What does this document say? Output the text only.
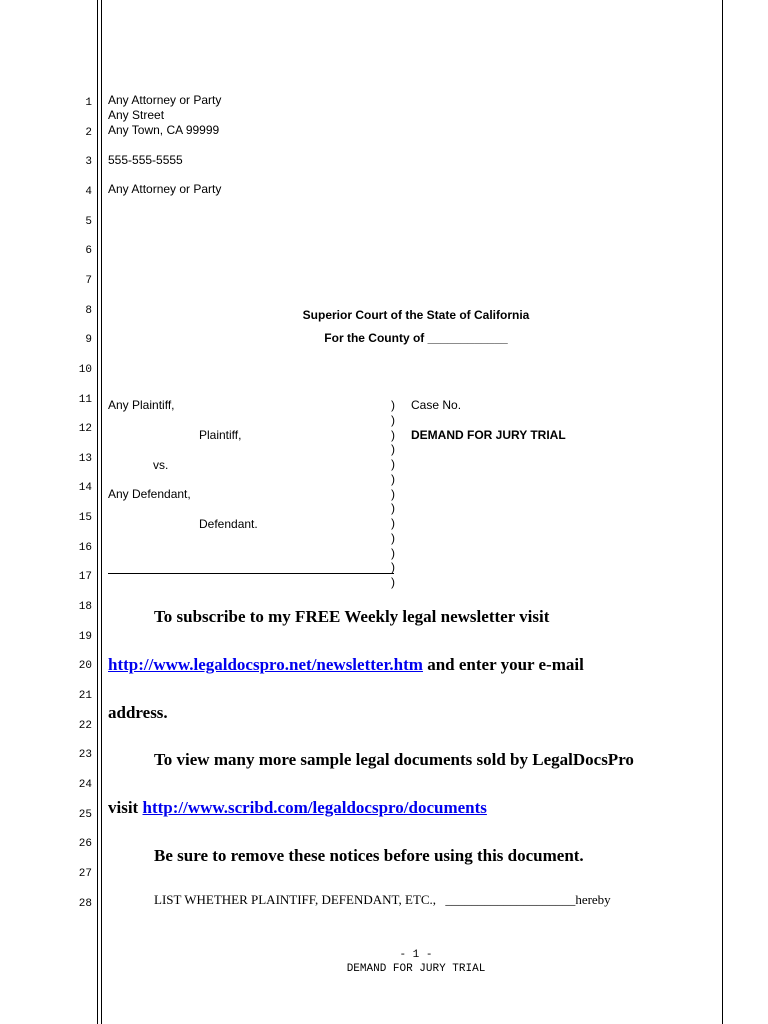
1
2
3
4
5
6
7
8
9
10
11
12
13
14
15
16
17
18
19
20
21
22
23
24
25
26
27
28
Any Attorney or Party
Any Street
Any Town, CA 99999
555-555-5555
Any Attorney or Party
Superior Court of the State of California
For the County of ____________
Any Plaintiff,
Plaintiff,
vs.
Any Defendant,
Defendant.
)
)
)
)
)
)
)
)
)
)
)
)
)
Case No.
DEMAND FOR JURY TRIAL
To subscribe to my FREE Weekly legal newsletter visit
http://www.legaldocspro.net/newsletter.htm and enter your e-mail
address.
To view many more sample legal documents sold by LegalDocsPro
visit http://www.scribd.com/legaldocspro/documents
Be sure to remove these notices before using this document.
LIST WHETHER PLAINTIFF, DEFENDANT, ETC., ____________________hereby
- 1 -
DEMAND FOR JURY TRIAL
